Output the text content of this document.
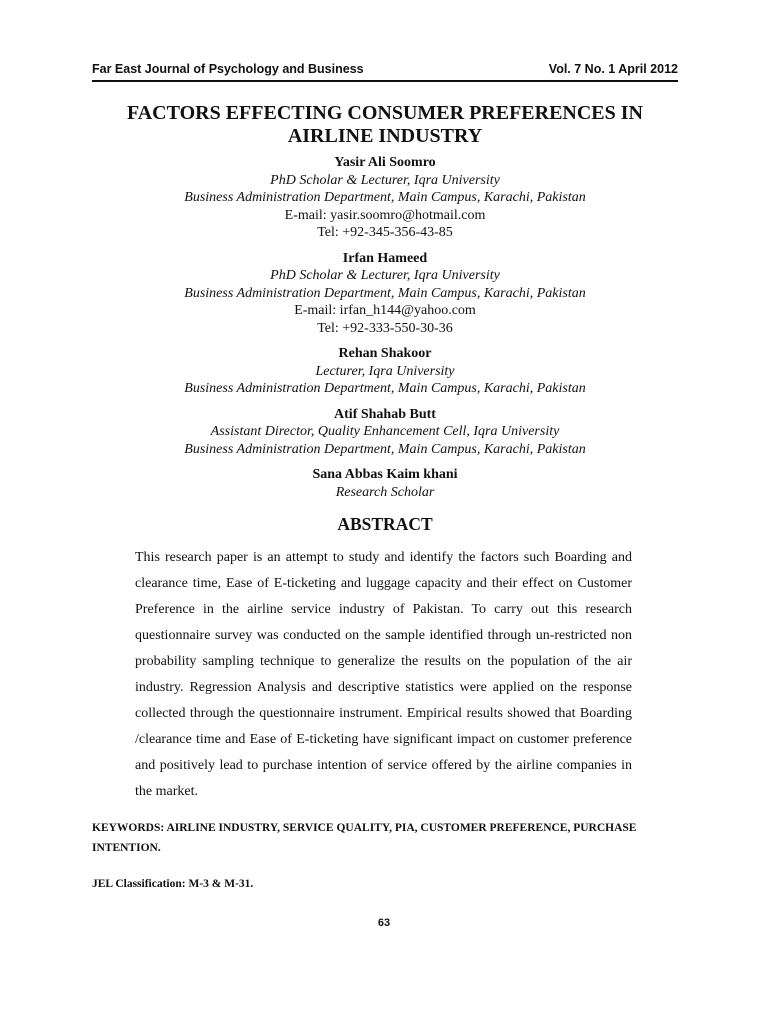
Far East Journal of Psychology and Business	Vol. 7 No. 1 April 2012
FACTORS EFFECTING CONSUMER PREFERENCES IN AIRLINE INDUSTRY
Yasir Ali Soomro
PhD Scholar & Lecturer, Iqra University
Business Administration Department, Main Campus, Karachi, Pakistan
E-mail: yasir.soomro@hotmail.com
Tel: +92-345-356-43-85
Irfan Hameed
PhD Scholar & Lecturer, Iqra University
Business Administration Department, Main Campus, Karachi, Pakistan
E-mail: irfan_h144@yahoo.com
Tel: +92-333-550-30-36
Rehan Shakoor
Lecturer, Iqra University
Business Administration Department, Main Campus, Karachi, Pakistan
Atif Shahab Butt
Assistant Director, Quality Enhancement Cell, Iqra University
Business Administration Department, Main Campus, Karachi, Pakistan
Sana Abbas Kaim khani
Research Scholar
ABSTRACT

This research paper is an attempt to study and identify the factors such Boarding and clearance time, Ease of E-ticketing and luggage capacity and their effect on Customer Preference in the airline service industry of Pakistan. To carry out this research questionnaire survey was conducted on the sample identified through un-restricted non probability sampling technique to generalize the results on the population of the air industry. Regression Analysis and descriptive statistics were applied on the response collected through the questionnaire instrument. Empirical results showed that Boarding /clearance time and Ease of E-ticketing have significant impact on customer preference and positively lead to purchase intention of service offered by the airline companies in the market.

KEYWORDS: AIRLINE INDUSTRY, SERVICE QUALITY, PIA, CUSTOMER PREFERENCE, PURCHASE INTENTION.

JEL Classification: M-3 & M-31.

63
